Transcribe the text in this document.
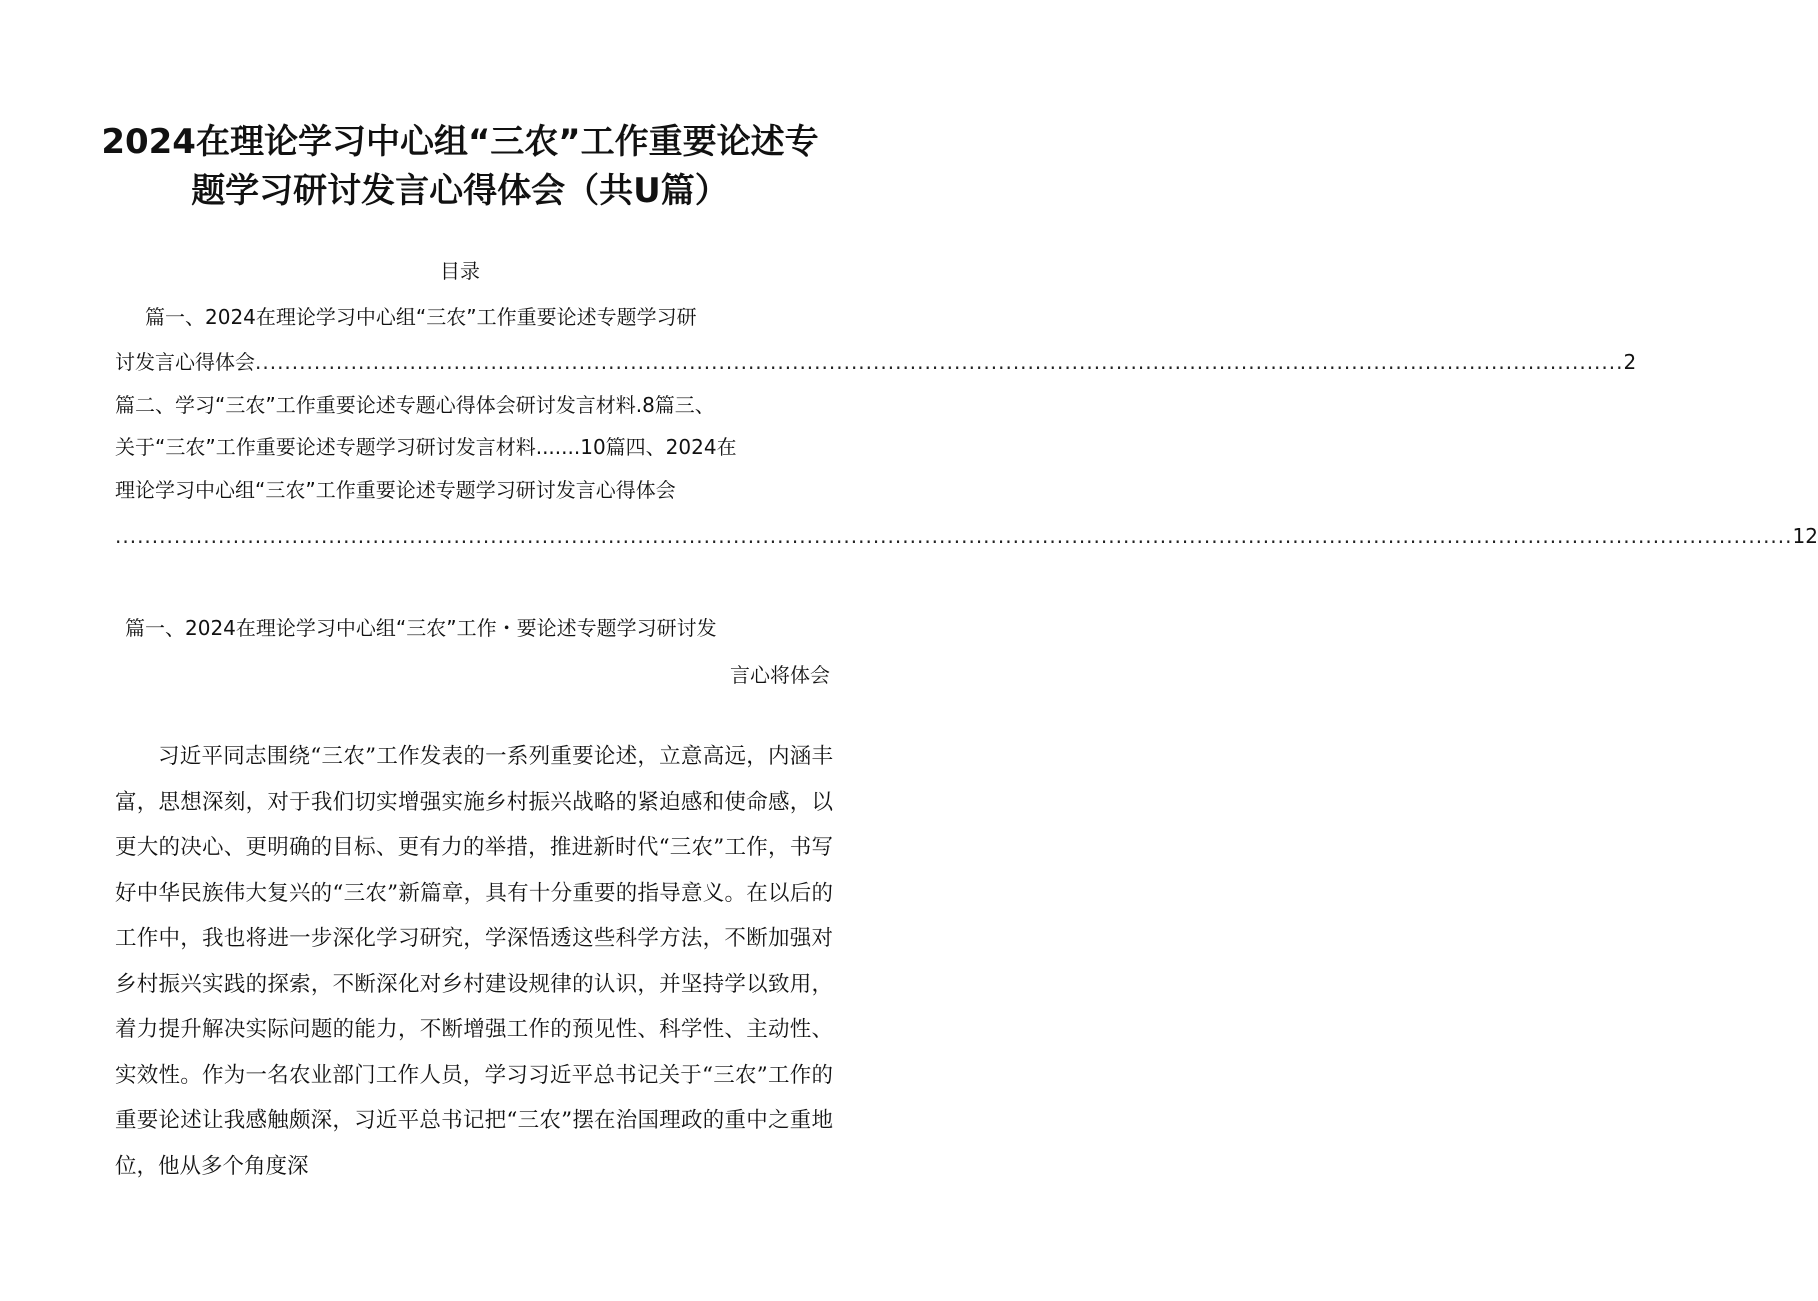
2024在理论学习中心组“三农”工作重要论述专
题学习研讨发言心得体会（共U篇）
目录
篇一、2024在理论学习中心组“三农”工作重要论述专题学习研
讨发言心得体会 .......................................................................................................................................................................................... 2
篇二、学习“三农”工作重要论述专题心得体会研讨发言材料.8篇三、
关于“三农”工作重要论述专题学习研讨发言材料.......10篇四、2024在
理论学习中心组“三农”工作重要论述专题学习研讨发言心得体会
.................................................................................................................................................................................................................................... 12
篇一、2024在理论学习中心组“三农”工作・要论述专题学习研讨发
言心将体会
习近平同志围绕“三农”工作发表的一系列重要论述，立意高远，内涵丰富，思想深刻，对于我们切实增强实施乡村振兴战略的紧迫感和使命感，以更大的决心、更明确的目标、更有力的举措，推进新时代“三农”工作，书写好中华民族伟大复兴的“三农”新篇章，具有十分重要的指导意义。在以后的工作中，我也将进一步深化学习研究，学深悟透这些科学方法，不断加强对乡村振兴实践的探索，不断深化对乡村建设规律的认识，并坚持学以致用，着力提升解决实际问题的能力，不断增强工作的预见性、科学性、主动性、实效性。作为一名农业部门工作人员，学习习近平总书记关于“三农”工作的重要论述让我感触颇深，习近平总书记把“三农”摆在治国理政的重中之重地位，他从多个角度深
